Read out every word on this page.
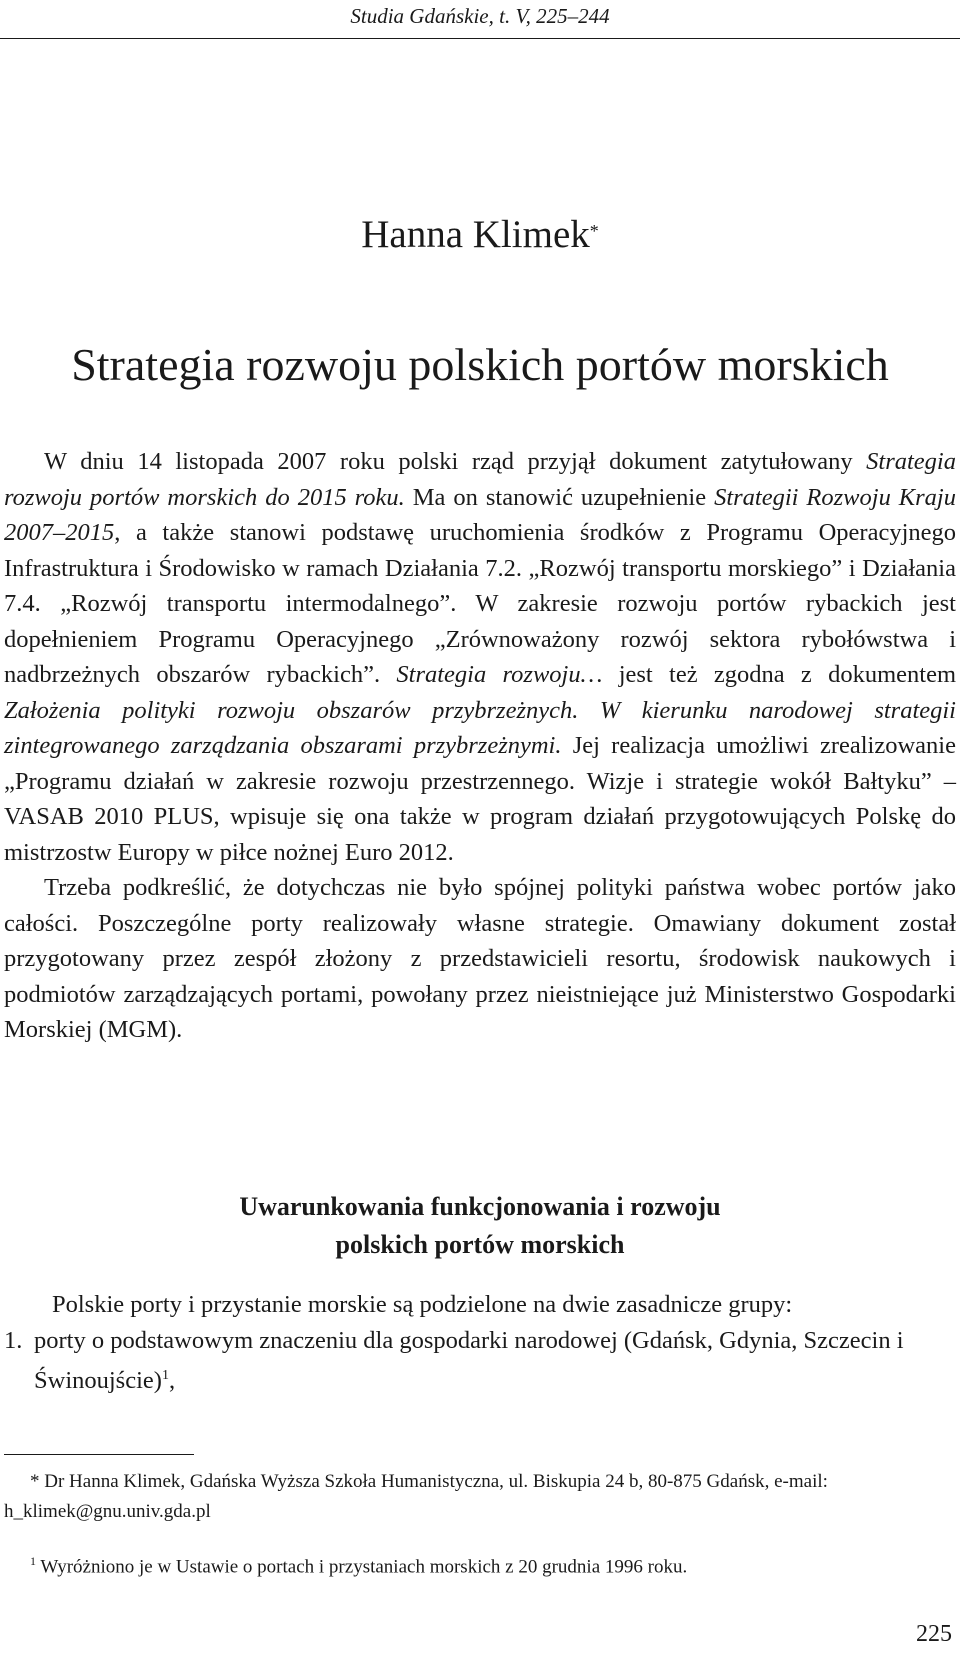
Studia Gdańskie, t. V, 225–244
Hanna Klimek*
Strategia rozwoju polskich portów morskich

W dniu 14 listopada 2007 roku polski rząd przyjął dokument zatytułowany Strategia rozwoju portów morskich do 2015 roku. Ma on stanowić uzupełnienie Strategii Rozwoju Kraju 2007–2015, a także stanowi podstawę uruchomienia środków z Programu Operacyjnego Infrastruktura i Środowisko w ramach Działania 7.2. „Rozwój transportu morskiego” i Działania 7.4. „Rozwój transportu intermodalnego”. W zakresie rozwoju portów rybackich jest dopełnieniem Programu Operacyjnego „Zrównoważony rozwój sektora rybołówstwa i nadbrzeżnych obszarów rybackich”. Strategia rozwoju… jest też zgodna z dokumentem Założenia polityki rozwoju obszarów przybrzeżnych. W kierunku narodowej strategii zintegrowanego zarządzania obszarami przybrzeżnymi. Jej realizacja umożliwi zrealizowanie „Programu działań w zakresie rozwoju przestrzennego. Wizje i strategie wokół Bałtyku” – VASAB 2010 PLUS, wpisuje się ona także w program działań przygotowujących Polskę do mistrzostw Europy w piłce nożnej Euro 2012.

Trzeba podkreślić, że dotychczas nie było spójnej polityki państwa wobec portów jako całości. Poszczególne porty realizowały własne strategie. Omawiany dokument został przygotowany przez zespół złożony z przedstawicieli resortu, środowisk naukowych i podmiotów zarządzających portami, powołany przez nieistniejące już Ministerstwo Gospodarki Morskiej (MGM).

Uwarunkowania funkcjonowania i rozwoju
polskich portów morskich

Polskie porty i przystanie morskie są podzielone na dwie zasadnicze grupy:

1. porty o podstawowym znaczeniu dla gospodarki narodowej (Gdańsk, Gdynia, Szczecin i Świnoujście)$^1$,

* Dr Hanna Klimek, Gdańska Wyższa Szkoła Humanistyczna, ul. Biskupia 24 b, 80-875 Gdańsk, e-mail: h_klimek@gnu.univ.gda.pl

$^1$ Wyróżniono je w Ustawie o portach i przystaniach morskich z 20 grudnia 1996 roku.

225
